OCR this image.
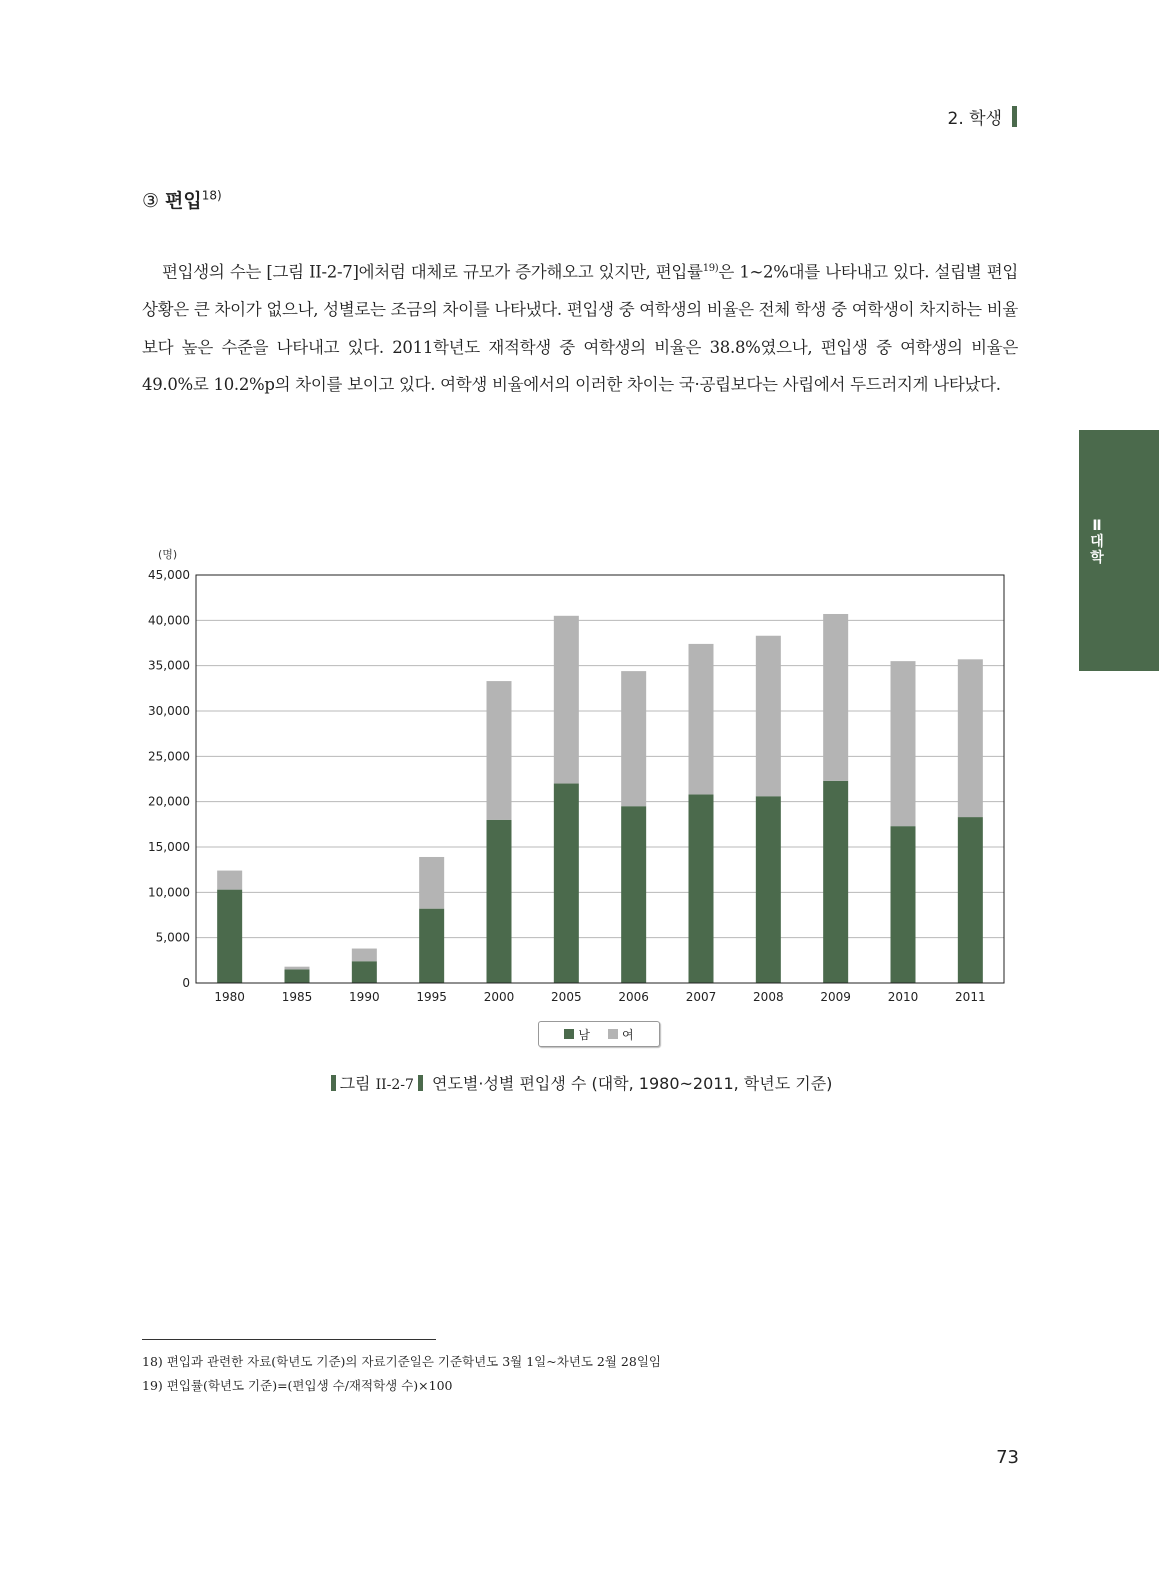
2. 학생
Ⅱ 대학
③ 편입$^{18)}$

편입생의 수는 [그림 II-2-7]에처럼 대체로 규모가 증가해오고 있지만, 편입률$^{19)}$은 1~2%대를 나타내고 있다. 설립별 편입 상황은 큰 차이가 없으나, 성별로는 조금의 차이를 나타냈다. 편입생 중 여학생의 비율은 전체 학생 중 여학생이 차지하는 비율보다 높은 수준을 나타내고 있다. 2011학년도 재적학생 중 여학생의 비율은 38.8%였으나, 편입생 중 여학생의 비율은 49.0%로 10.2%p의 차이를 보이고 있다. 여학생 비율에서의 이러한 차이는 국·공립보다는 사립에서 두드러지게 나타났다.

(명)
0
5,000
10,000
15,000
20,000
25,000
30,000
35,000
40,000
45,000
1980	1985	1990	1995	2000	2005	2006	2007	2008	2009	2010	2011
남	여
그림 II-2-7 연도별·성별 편입생 수 (대학, 1980~2011, 학년도 기준)
18) 편입과 관련한 자료(학년도 기준)의 자료기준일은 기준학년도 3월 1일~차년도 2월 28일임
19) 편입률(학년도 기준)=(편입생 수/재적학생 수)×100
73
